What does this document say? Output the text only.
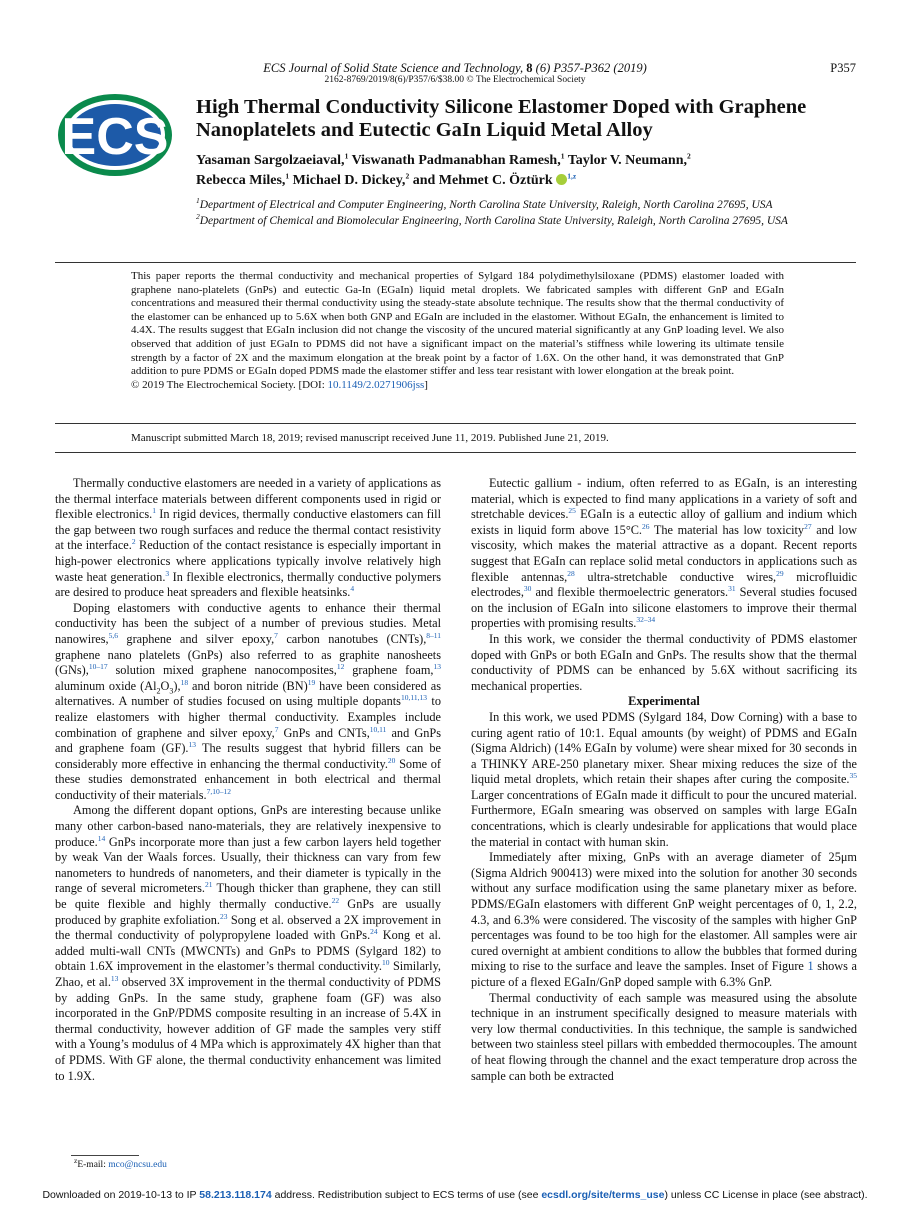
ECS Journal of Solid State Science and Technology, 8 (6) P357-P362 (2019)	P357
2162-8769/2019/8(6)/P357/6/$38.00 © The Electrochemical Society
ECS
High Thermal Conductivity Silicone Elastomer Doped with Graphene Nanoplatelets and Eutectic GaIn Liquid Metal Alloy
Yasaman Sargolzaeiaval,$^1$ Viswanath Padmanabhan Ramesh,$^1$ Taylor V. Neumann,$^2$
Rebecca Miles,$^1$ Michael D. Dickey,$^2$ and Mehmet C. Öztürk $^{1,z}$

$^1$Department of Electrical and Computer Engineering, North Carolina State University, Raleigh, North Carolina 27695, USA

$^2$Department of Chemical and Biomolecular Engineering, North Carolina State University, Raleigh, North Carolina 27695, USA

This paper reports the thermal conductivity and mechanical properties of Sylgard 184 polydimethylsiloxane (PDMS) elastomer loaded with graphene nano-platelets (GnPs) and eutectic Ga-In (EGaIn) liquid metal droplets. We fabricated samples with different GnP and EGaIn concentrations and measured their thermal conductivity using the steady-state absolute technique. The results show that the thermal conductivity of the elastomer can be enhanced up to 5.6X when both GNP and EGaIn are included in the elastomer. Without EGaIn, the enhancement is limited to 4.4X. The results suggest that EGaIn inclusion did not change the viscosity of the uncured material significantly at any GnP loading level. We also observed that addition of just EGaIn to PDMS did not have a significant impact on the material’s stiffness while lowering its ultimate tensile strength by a factor of 2X and the maximum elongation at the break point by a factor of 1.6X. On the other hand, it was demonstrated that GnP addition to pure PDMS or EGaIn doped PDMS made the elastomer stiffer and less tear resistant with lower elongation at the break point.

© 2019 The Electrochemical Society. [DOI: 10.1149/2.0271906jss]

Manuscript submitted March 18, 2019; revised manuscript received June 11, 2019. Published June 21, 2019.

Thermally conductive elastomers are needed in a variety of applications as the thermal interface materials between different components used in rigid or flexible electronics.$^1$ In rigid devices, thermally conductive elastomers can fill the gap between two rough surfaces and reduce the thermal contact resistivity at the interface.$^2$ Reduction of the contact resistance is especially important in high-power electronics where applications typically involve relatively high waste heat generation.$^3$ In flexible electronics, thermally conductive polymers are desired to produce heat spreaders and flexible heatsinks.$^4$

Doping elastomers with conductive agents to enhance their thermal conductivity has been the subject of a number of previous studies. Metal nanowires,$^{5,6}$ graphene and silver epoxy,$^7$ carbon nanotubes (CNTs),$^{8-11}$ graphene nano platelets (GnPs) also referred to as graphite nanosheets (GNs),$^{10-17}$ solution mixed graphene nanocomposites,$^{12}$ graphene foam,$^{13}$ aluminum oxide $(Al_2O_3),^{18}$ and boron nitride (BN)$^{19}$ have been considered as alternatives. A number of studies focused on using multiple dopants$^{10,11,13}$ to realize elastomers with higher thermal conductivity. Examples include combination of graphene and silver epoxy,$^7$ GnPs and CNTs,$^{10,11}$ and GnPs and graphene foam (GF).$^{13}$ The results suggest that hybrid fillers can be considerably more effective in enhancing the thermal conductivity.$^{20}$ Some of these studies demonstrated enhancement in both electrical and thermal conductivity of their materials.$^{7,10-12}$

Among the different dopant options, GnPs are interesting because unlike many other carbon-based nano-materials, they are relatively inexpensive to produce.$^{14}$ GnPs incorporate more than just a few carbon layers held together by weak Van der Waals forces. Usually, their thickness can vary from few nanometers to hundreds of nanometers, and their diameter is typically in the range of several micrometers.$^{21}$ Though thicker than graphene, they can still be quite flexible and highly thermally conductive.$^{22}$ GnPs are usually produced by graphite exfoliation.$^{23}$ Song et al. observed a 2X improvement in the thermal conductivity of polypropylene loaded with GnPs.$^{24}$ Kong et al. added multi-wall CNTs (MWCNTs) and GnPs to PDMS (Sylgard 182) to obtain 1.6X improvement in the elastomer’s thermal conductivity.$^{10}$ Similarly, Zhao, et al.$^{13}$ observed 3X improvement in the thermal conductivity of PDMS by adding GnPs. In the same study, graphene foam (GF) was also incorporated in the GnP/PDMS composite resulting in an increase of 5.4X in thermal conductivity, however addition of GF made the samples very stiff with a Young’s modulus of 4 MPa which is approximately 4X higher than that of PDMS. With GF alone, the thermal conductivity enhancement was limited to 1.9X.

Eutectic gallium - indium, often referred to as EGaIn, is an interesting material, which is expected to find many applications in a variety of soft and stretchable devices.$^{25}$ EGaIn is a eutectic alloy of gallium and indium which exists in liquid form above 15°C.$^{26}$ The material has low toxicity$^{27}$ and low viscosity, which makes the material attractive as a dopant. Recent reports suggest that EGaIn can replace solid metal conductors in applications such as flexible antennas,$^{28}$ ultra-stretchable conductive wires,$^{29}$ microfluidic electrodes,$^{30}$ and flexible thermoelectric generators.$^{31}$ Several studies focused on the inclusion of EGaIn into silicone elastomers to improve their thermal properties with promising results.$^{32-34}$

In this work, we consider the thermal conductivity of PDMS elastomer doped with GnPs or both EGaIn and GnPs. The results show that the thermal conductivity of PDMS can be enhanced by 5.6X without sacrificing its mechanical properties.

Experimental

In this work, we used PDMS (Sylgard 184, Dow Corning) with a base to curing agent ratio of 10:1. Equal amounts (by weight) of PDMS and EGaIn (Sigma Aldrich) (14% EGaIn by volume) were shear mixed for 30 seconds in a THINKY ARE-250 planetary mixer. Shear mixing reduces the size of the liquid metal droplets, which retain their shapes after curing the composite.$^{35}$ Larger concentrations of EGaIn made it difficult to pour the uncured material. Furthermore, EGaIn smearing was observed on samples with large EGaIn concentrations, which is clearly undesirable for applications that would place the material in contact with human skin.

Immediately after mixing, GnPs with an average diameter of 25μm (Sigma Aldrich 900413) were mixed into the solution for another 30 seconds without any surface modification using the same planetary mixer as before. PDMS/EGaIn elastomers with different GnP weight percentages of 0, 1, 2.2, 4.3, and 6.3% were considered. The viscosity of the samples with higher GnP percentages was found to be too high for the elastomer. All samples were air cured overnight at ambient conditions to allow the bubbles that formed during mixing to rise to the surface and leave the samples. Inset of Figure 1 shows a picture of a flexed EGaIn/GnP doped sample with 6.3% GnP.

Thermal conductivity of each sample was measured using the absolute technique in an instrument specifically designed to measure materials with very low thermal conductivities. In this technique, the sample is sandwiched between two stainless steel pillars with embedded thermocouples. The amount of heat flowing through the channel and the exact temperature drop across the sample can both be extracted

$^z$E-mail: mco@ncsu.edu
Downloaded on 2019-10-13 to IP 58.213.118.174 address. Redistribution subject to ECS terms of use (see ecsdl.org/site/terms_use) unless CC License in place (see abstract).
